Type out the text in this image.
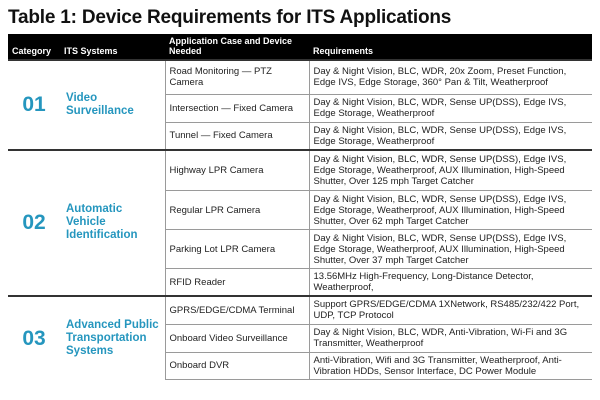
Table 1: Device Requirements for ITS Applications
Category	ITS Systems	Application Case and Device Needed	Requirements
01	Video Surveillance	Road Monitoring — PTZ Camera	Day & Night Vision, BLC, WDR, 20x Zoom, Preset Function, Edge IVS, Edge Storage, 360° Pan & Tilt, Weatherproof
		Intersection — Fixed Camera	Day & Night Vision, BLC, WDR, Sense UP(DSS), Edge IVS, Edge Storage, Weatherproof
		Tunnel — Fixed Camera	Day & Night Vision, BLC, WDR, Sense UP(DSS), Edge IVS, Edge Storage, Weatherproof
02	Automatic Vehicle Identification	Highway LPR Camera	Day & Night Vision, BLC, WDR, Sense UP(DSS), Edge IVS, Edge Storage, Weatherproof, AUX Illumination, High-Speed Shutter, Over 125 mph Target Catcher
		Regular LPR Camera	Day & Night Vision, BLC, WDR, Sense UP(DSS), Edge IVS, Edge Storage, Weatherproof, AUX Illumination, High-Speed Shutter, Over 62 mph Target Catcher
		Parking Lot LPR Camera	Day & Night Vision, BLC, WDR, Sense UP(DSS), Edge IVS, Edge Storage, Weatherproof, AUX Illumination, High-Speed Shutter, Over 37 mph Target Catcher
		RFID Reader	13.56MHz High-Frequency, Long-Distance Detector, Weatherproof,
03	Advanced Public Transportation Systems	GPRS/EDGE/CDMA Terminal	Support GPRS/EDGE/CDMA 1XNetwork, RS485/232/422 Port, UDP, TCP Protocol
		Onboard Video Surveillance	Day & Night Vision, BLC, WDR, Anti-Vibration, Wi-Fi and 3G Transmitter, Weatherproof
		Onboard DVR	Anti-Vibration, Wifi and 3G Transmitter, Weatherproof, Anti-Vibration HDDs, Sensor Interface, DC Power Module
